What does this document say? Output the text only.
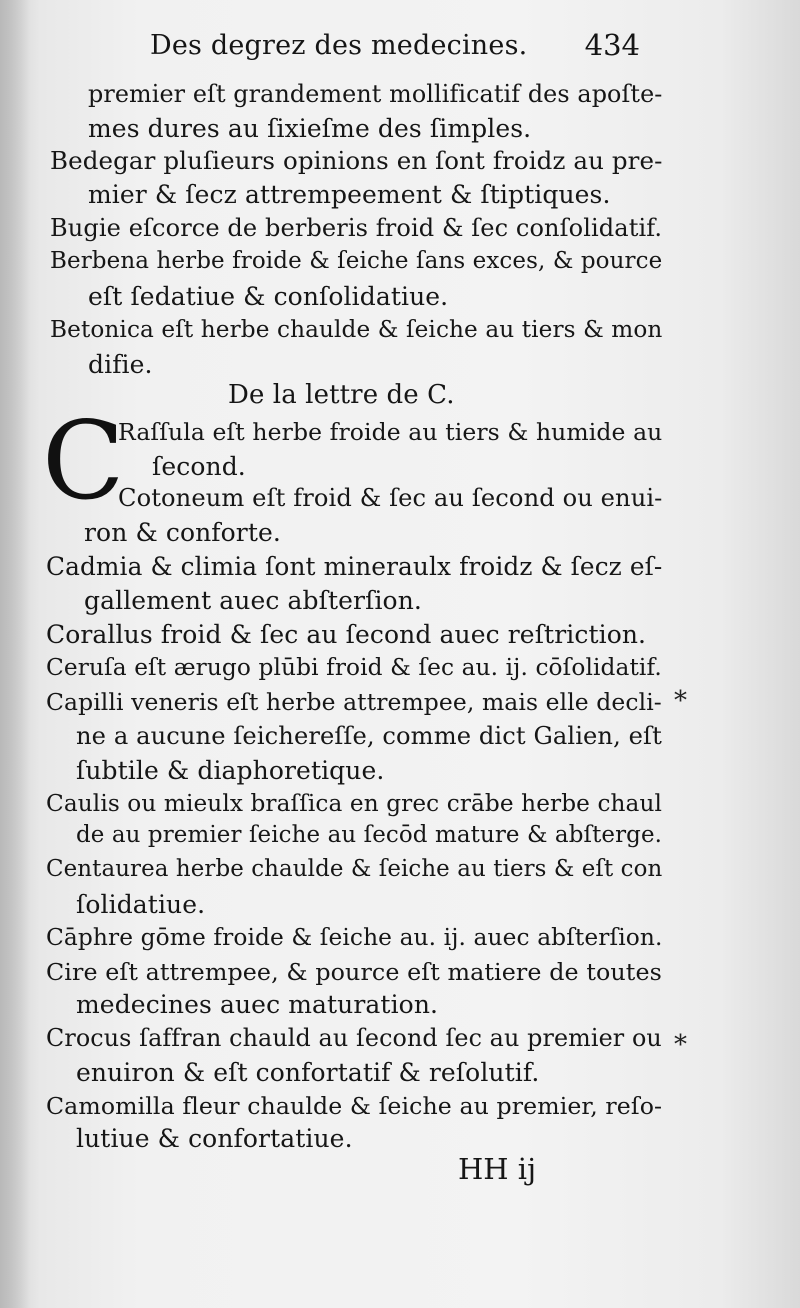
Des degrez des medecines. 434
premier eſt grandement mollificatif des apoſte-
mes dures au ſixieſme des ſimples.
Bedegar pluſieurs opinions en ſont froidz au pre-
mier & ſecz attrempeement & ſtiptiques.
Bugie eſcorce de berberis froid & ſec conſolidatif.
Berbena herbe froide & ſeiche ſans exces, & pource
eſt ſedatiue & conſolidatiue.
Betonica eſt herbe chaulde & ſeiche au tiers & mon
difie.
De la lettre de C.
Raſſula eſt herbe froide au tiers & humide au
ſecond.
Cotoneum eſt froid & ſec au ſecond ou enui-
ron & conforte.
Cadmia & climia ſont mineraulx froidz & ſecz eſ-
gallement auec abſterſion.
Corallus froid & ſec au ſecond auec reſtriction.
Ceruſa eſt ærugo plūbi froid & ſec au. ij. cōſolidatif.
Capilli veneris eſt herbe attrempee, mais elle decli-
ne a aucune ſeichereſſe, comme dict Galien, eſt
ſubtile & diaphoretique.
Caulis ou mieulx braſſica en grec crābe herbe chaul
de au premier ſeiche au ſecōd mature & abſterge.
Centaurea herbe chaulde & ſeiche au tiers & eſt con
ſolidatiue.
Cāphre gōme froide & ſeiche au. ij. auec abſterſion.
Cire eſt attrempee, & pource eſt matiere de toutes
medecines auec maturation.
Crocus ſaffran chauld au ſecond ſec au premier ou
enuiron & eſt confortatif & reſolutif.
Camomilla fleur chaulde & ſeiche au premier, reſo-
lutiue & confortatiue.
C
*
*
HH ij
